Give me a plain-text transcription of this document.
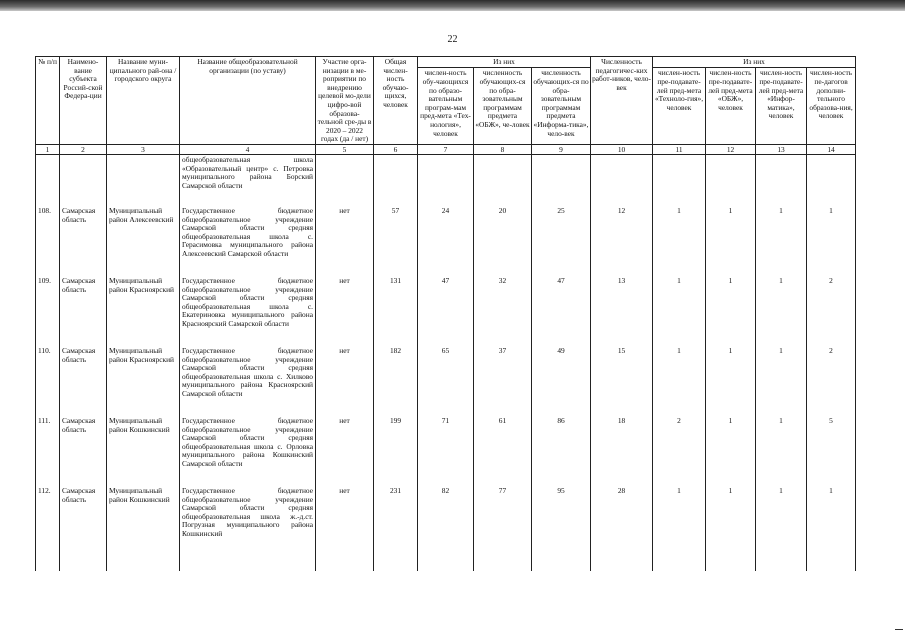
22
№ п/п	Наимено-вание субъекта Россий-ской Федера-ции	Название муни-ципального рай-она / городского округа	Название общеобразовательной организации (по уставу)	Участие орга-низации в ме-роприятии по внедрению целевой мо-дели цифро-вой образова-тельной сре-ды в 2020 – 2022 годах (да / нет)	Общая числен-ность обучаю-щихся, человек	Из них			Численность педагогичес-ких работ-ников, чело-век	Из них			
						числен-ность обу-чающихся по образо-вательным програм-мам пред-мета «Тех-нология», человек	численность обучающих-ся по обра-зовательным программам предмета «ОБЖ», че-ловек	численность обучающих-ся по обра-зовательным программам предмета «Информа-тика», чело-век		числен-ность пре-подавате-лей пред-мета «Техноло-гия», человек	числен-ность пре-подавате-лей пред-мета «ОБЖ», человек	числен-ность пре-подавате-лей пред-мета «Инфор-матика», человек	числен-ность пе-дагогов дополни-тельного образова-ния, человек
1	2	3	4	5	6	7	8	9	10	11	12	13	14
			общеобразовательная школа «Образовательный центр» с. Петровка муниципального района Борский Самарской области										
108.	Самарская область	Муниципальный район Алексеевский	Государственное бюджетное общеобразовательное учреждение Самарской области средняя общеобразовательная школа с. Герасимовка муниципального района Алексеевский Самарской области	нет	57	24	20	25	12	1	1	1	1
109.	Самарская область	Муниципальный район Красноярский	Государственное бюджетное общеобразовательное учреждение Самарской области средняя общеобразовательная школа с. Екатериновка муниципального района Красноярский Самарской области	нет	131	47	32	47	13	1	1	1	2
110.	Самарская область	Муниципальный район Красноярский	Государственное бюджетное общеобразовательное учреждение Самарской области средняя общеобразовательная школа с. Хилково муниципального района Красноярский Самарской области	нет	182	65	37	49	15	1	1	1	2
111.	Самарская область	Муниципальный район Кошкинский	Государственное бюджетное общеобразовательное учреждение Самарской области средняя общеобразовательная школа с. Орловка муниципального района Кошкинский Самарской области	нет	199	71	61	86	18	2	1	1	5
112.	Самарская область	Муниципальный район Кошкинский	Государственное бюджетное общеобразовательное учреждение Самарской области средняя общеобразовательная школа ж.-д.ст. Погрузная муниципального района Кошкинский	нет	231	82	77	95	28	1	1	1	1
